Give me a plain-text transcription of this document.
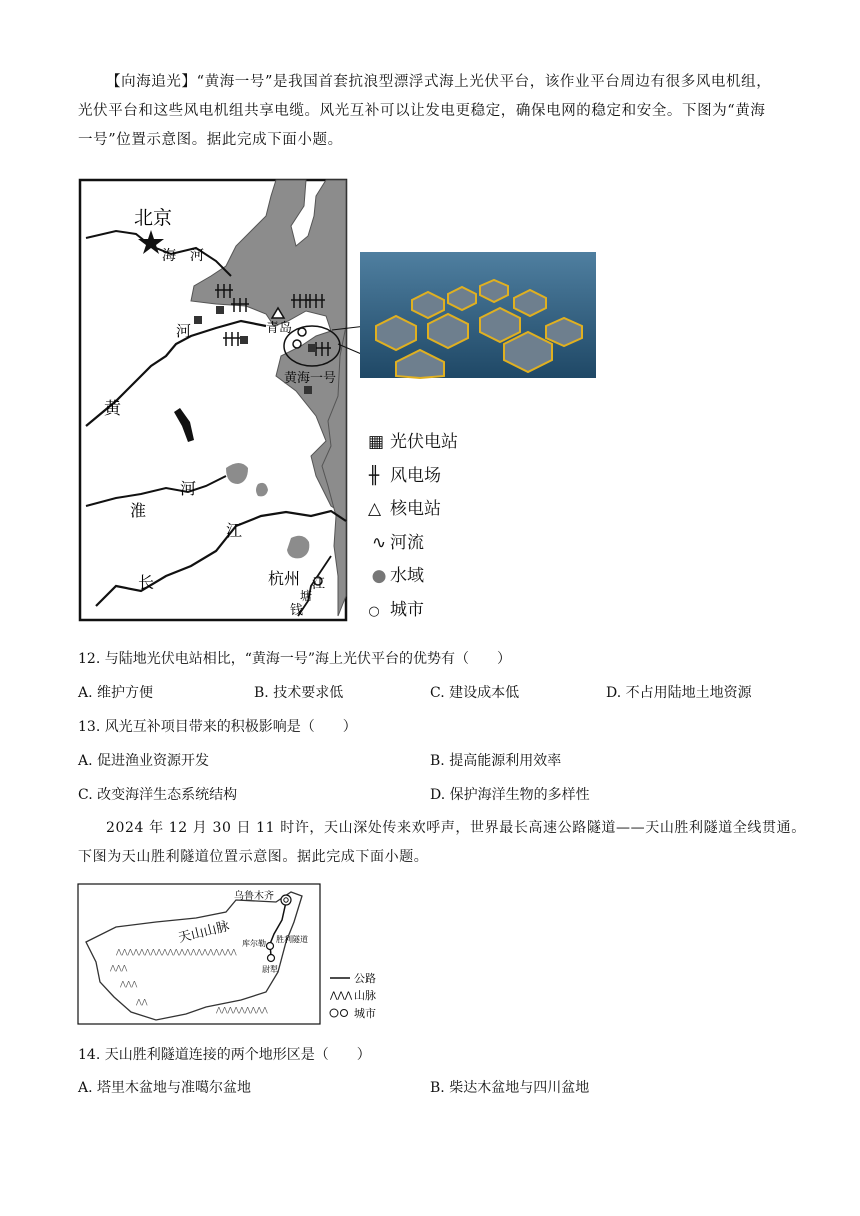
【向海追光】“黄海一号”是我国首套抗浪型漂浮式海上光伏平台，该作业平台周边有很多风电机组，
光伏平台和这些风电机组共享电缆。风光互补可以让发电更稳定，确保电网的稳定和安全。下图为“黄海
一号”位置示意图。据此完成下面小题。
北京
海 河
河	青岛
黄海一号
黄
河
淮
江
长	杭州 江
塘
钱
▦ 光伏电站
╫ 风电场
△ 核电站
∿ 河流
● 水域
○ 城市
12. 与陆地光伏电站相比，“黄海一号”海上光伏平台的优势有（　　）
A. 维护方便	B. 技术要求低	C. 建设成本低	D. 不占用陆地土地资源
13. 风光互补项目带来的积极影响是（　　）
A. 促进渔业资源开发	B. 提高能源利用效率
C. 改变海洋生态系统结构	D. 保护海洋生物的多样性
2024 年 12 月 30 日 11 时许，天山深处传来欢呼声，世界最长高速公路隧道——天山胜利隧道全线贯通。
下图为天山胜利隧道位置示意图。据此完成下面小题。
⋀⋀⋀⋀⋀⋀⋀⋀⋀⋀⋀⋀⋀⋀⋀⋀⋀⋀⋀⋀⋀
⋀⋀⋀
⋀⋀⋀
⋀⋀
⋀⋀⋀⋀⋀⋀⋀⋀⋀
乌鲁木齐
天山山脉 库尔勒 胜利隧道
尉犁
公路
⋀⋀⋀ 山脉
城市
14. 天山胜利隧道连接的两个地形区是（　　）
A. 塔里木盆地与准噶尔盆地	B. 柴达木盆地与四川盆地
